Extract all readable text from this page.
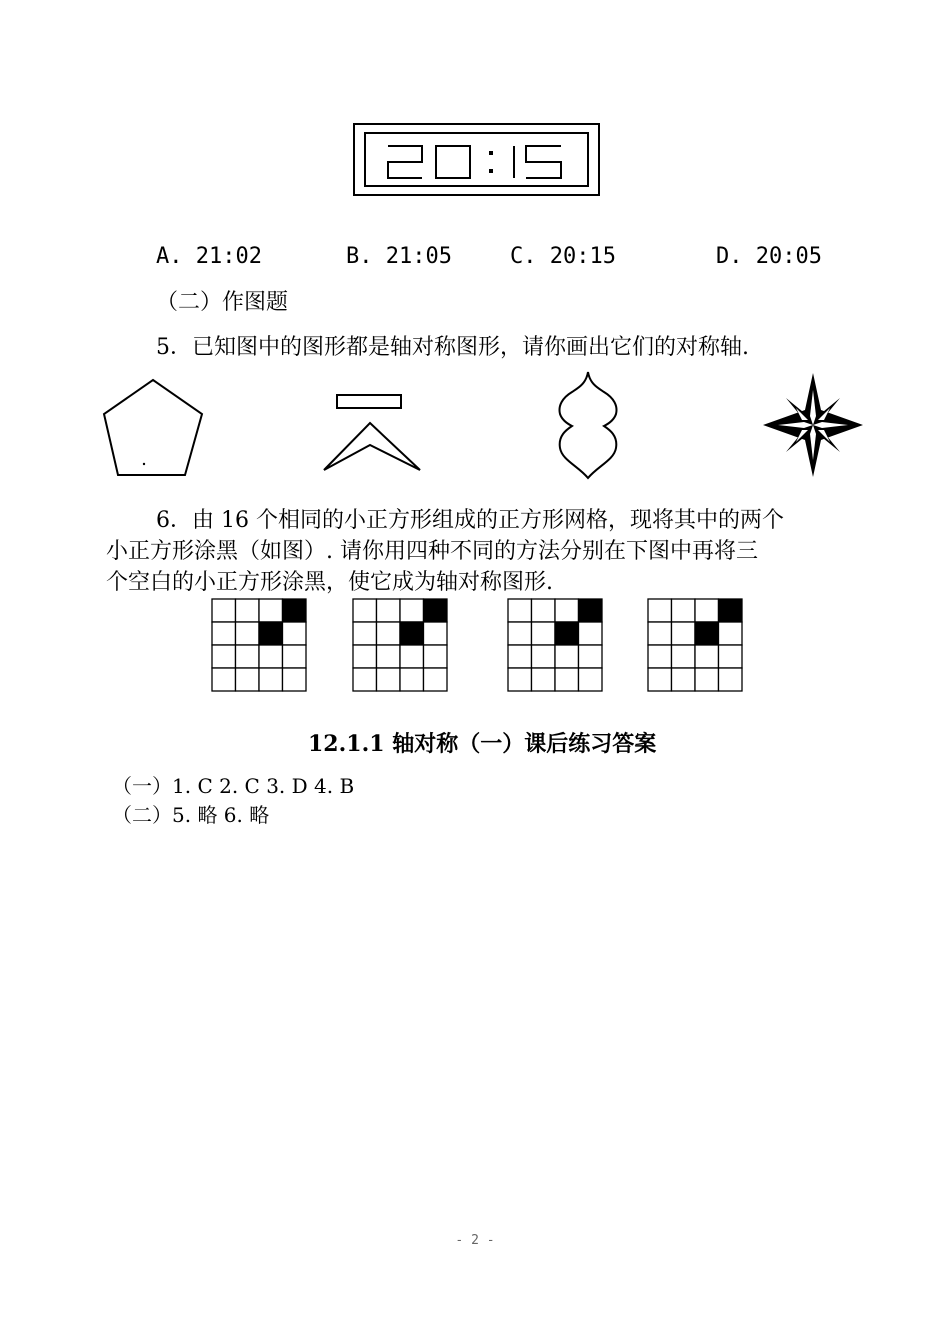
A. 21:02	B. 21:05	C. 20:15	D. 20:05
（二）作图题
5．已知图中的图形都是轴对称图形，请你画出它们的对称轴.
6．由 16 个相同的小正方形组成的正方形网格，现将其中的两个
小正方形涂黑（如图）. 请你用四种不同的方法分别在下图中再将三
个空白的小正方形涂黑，使它成为轴对称图形.
12.1.1 轴对称（一）课后练习答案
（一）1. C 2. C 3. D 4. B
（二）5. 略 6. 略
- 2 -
